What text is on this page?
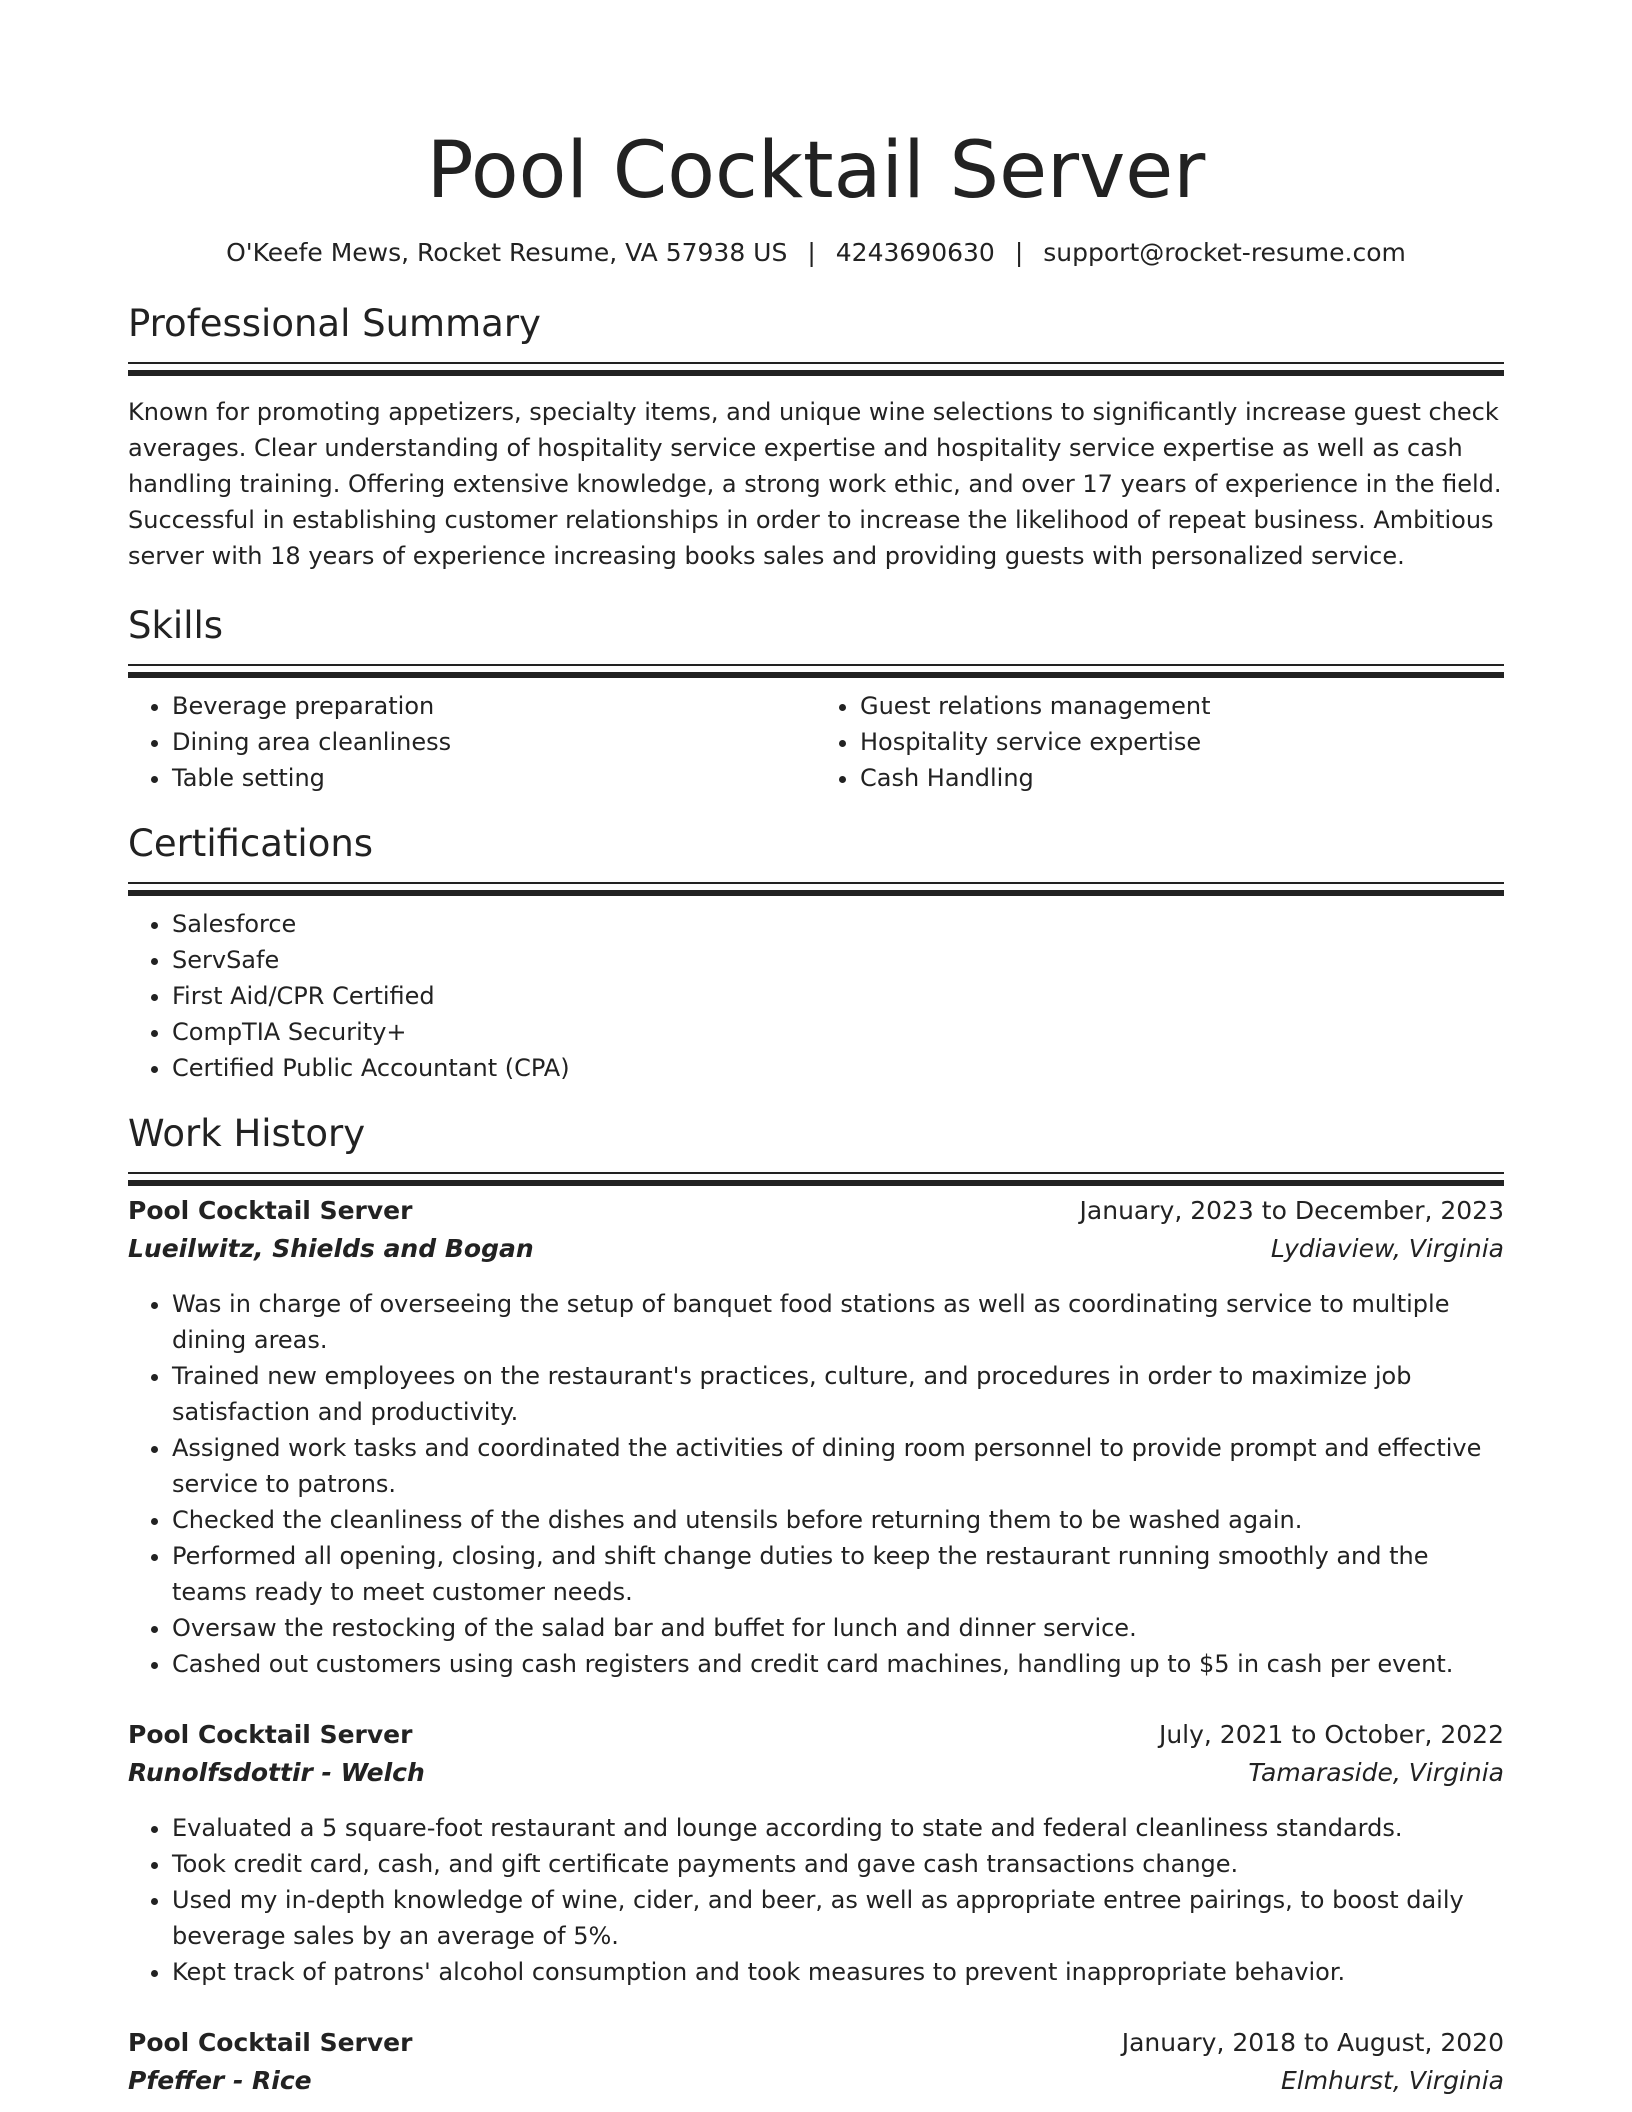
Pool Cocktail Server
O'Keefe Mews, Rocket Resume, VA 57938 US | 4243690630 | support@rocket-resume.com
Professional Summary

Known for promoting appetizers, specialty items, and unique wine selections to significantly increase guest check averages. Clear understanding of hospitality service expertise and hospitality service expertise as well as cash handling training. Offering extensive knowledge, a strong work ethic, and over 17 years of experience in the field. Successful in establishing customer relationships in order to increase the likelihood of repeat business. Ambitious server with 18 years of experience increasing books sales and providing guests with personalized service.

Skills
• Beverage preparation
• Dining area cleanliness
• Table setting
• Guest relations management
• Hospitality service expertise
• Cash Handling
Certifications
• Salesforce
• ServSafe
• First Aid/CPR Certified
• CompTIA Security+
• Certified Public Accountant (CPA)
Work History
Pool Cocktail Server	January, 2023 to December, 2023
Lueilwitz, Shields and Bogan	Lydiaview, Virginia
• Was in charge of overseeing the setup of banquet food stations as well as coordinating service to multiple dining areas.
• Trained new employees on the restaurant's practices, culture, and procedures in order to maximize job satisfaction and productivity.
• Assigned work tasks and coordinated the activities of dining room personnel to provide prompt and effective service to patrons.
• Checked the cleanliness of the dishes and utensils before returning them to be washed again.
• Performed all opening, closing, and shift change duties to keep the restaurant running smoothly and the teams ready to meet customer needs.
• Oversaw the restocking of the salad bar and buffet for lunch and dinner service.
• Cashed out customers using cash registers and credit card machines, handling up to $5 in cash per event.
Pool Cocktail Server	July, 2021 to October, 2022
Runolfsdottir - Welch	Tamaraside, Virginia
• Evaluated a 5 square-foot restaurant and lounge according to state and federal cleanliness standards.
• Took credit card, cash, and gift certificate payments and gave cash transactions change.
• Used my in-depth knowledge of wine, cider, and beer, as well as appropriate entree pairings, to boost daily beverage sales by an average of 5%.
• Kept track of patrons' alcohol consumption and took measures to prevent inappropriate behavior.
Pool Cocktail Server	January, 2018 to August, 2020
Pfeffer - Rice	Elmhurst, Virginia
